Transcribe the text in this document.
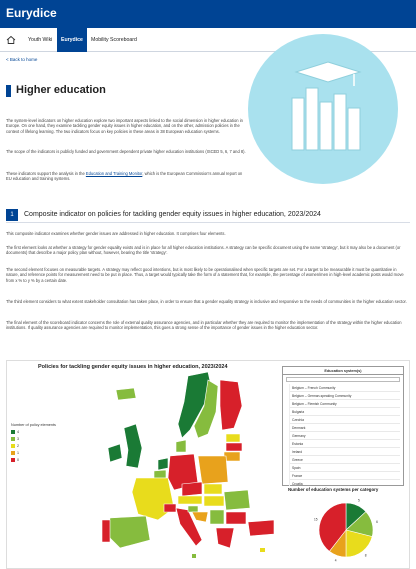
Eurydice
Youth Wiki	Eurydice	Mobility Scoreboard
< Back to home
Higher education

The system-level indicators on higher education explore two important aspects linked to the social dimension in higher education in Europe. On one hand, they examine tackling gender equity issues in higher education, and on the other, admission policies in the context of lifelong learning. The two indicators focus on key policies in these areas in 38 European education systems.

The scope of the indicators is publicly funded and government dependent private higher education institutions (ISCED 5, 6, 7 and 8).

These indicators support the analysis in the Education and Training Monitor, which is the European Commission's annual report on EU education and training systems.

1	Composite indicator on policies for tackling gender equity issues in higher education, 2023/2024

This composite indicator examines whether gender issues are addressed in higher education. It comprises four elements.

The first element looks at whether a strategy for gender equality exists and is in place for all higher education institutions. A strategy can be specific document using the name 'strategy', but it may also be a document (or documents) that describe a major policy plan without, however, bearing the title 'strategy'.

The second element focuses on measurable targets. A strategy may reflect good intentions, but is most likely to be operationalised when specific targets are set. For a target to be measurable it must be quantitative in nature, and reference points for measurement need to be put in place. Thus, a target would typically take the form of a statement that, for example, the percentage of women/men in high-level academic posts would move from x % to y % by a certain date.

The third element considers to what extent stakeholder consultation has taken place, in order to ensure that a gender equality strategy is inclusive and responsive to the needs of communities in the higher education sector.

The final element of the scoreboard indicator concerns the role of external quality assurance agencies, and in particular whether they are required to monitor the implementation of the strategy within the higher education institutions. If quality assurance agencies are required to monitor implementation, this goes a strong sense of the importance of gender issues in the higher education sector.

Policies for tackling gender equity issues in higher education, 2023/2024
Number of policy elements
4
3
2
1
0
Education system(s)
Belgium – French Community
Belgium – German-speaking Community
Belgium – Flemish Community
Bulgaria
Czechia
Denmark
Germany
Estonia
Ireland
Greece
Spain
France
Croatia
Number of education systems per category
5
6
8
4
15
